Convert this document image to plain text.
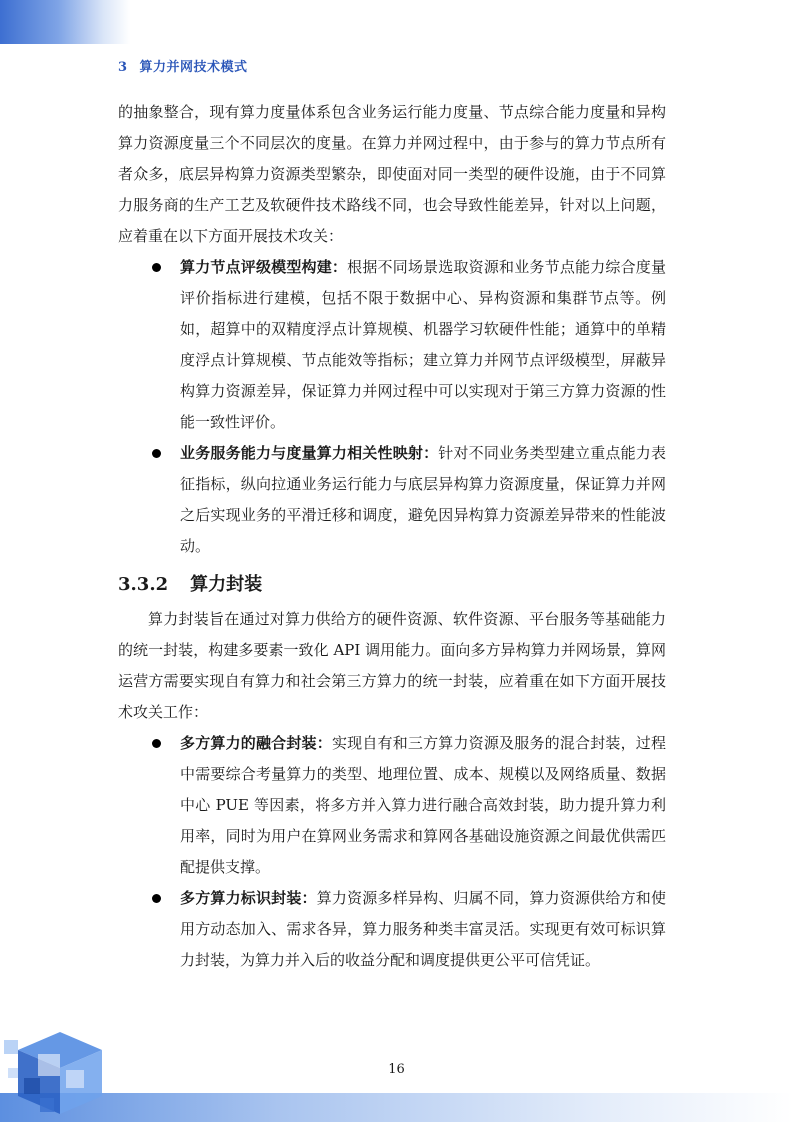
3 算力并网技术模式

的抽象整合，现有算力度量体系包含业务运行能力度量、节点综合能力度量和异构算力资源度量三个不同层次的度量。在算力并网过程中，由于参与的算力节点所有者众多，底层异构算力资源类型繁杂，即使面对同一类型的硬件设施，由于不同算力服务商的生产工艺及软硬件技术路线不同，也会导致性能差异，针对以上问题，应着重在以下方面开展技术攻关：

算力节点评级模型构建：根据不同场景选取资源和业务节点能力综合度量评价指标进行建模，包括不限于数据中心、异构资源和集群节点等。例如，超算中的双精度浮点计算规模、机器学习软硬件性能；通算中的单精度浮点计算规模、节点能效等指标；建立算力并网节点评级模型，屏蔽异构算力资源差异，保证算力并网过程中可以实现对于第三方算力资源的性能一致性评价。
业务服务能力与度量算力相关性映射：针对不同业务类型建立重点能力表征指标，纵向拉通业务运行能力与底层异构算力资源度量，保证算力并网之后实现业务的平滑迁移和调度，避免因异构算力资源差异带来的性能波动。
3.3.2 算力封装

算力封装旨在通过对算力供给方的硬件资源、软件资源、平台服务等基础能力的统一封装，构建多要素一致化 API 调用能力。面向多方异构算力并网场景，算网运营方需要实现自有算力和社会第三方算力的统一封装，应着重在如下方面开展技术攻关工作：

多方算力的融合封装：实现自有和三方算力资源及服务的混合封装，过程中需要综合考量算力的类型、地理位置、成本、规模以及网络质量、数据中心 PUE 等因素，将多方并入算力进行融合高效封装，助力提升算力利用率，同时为用户在算网业务需求和算网各基础设施资源之间最优供需匹配提供支撑。
多方算力标识封装：算力资源多样异构、归属不同，算力资源供给方和使用方动态加入、需求各异，算力服务种类丰富灵活。实现更有效可标识算力封装，为算力并入后的收益分配和调度提供更公平可信凭证。
16
